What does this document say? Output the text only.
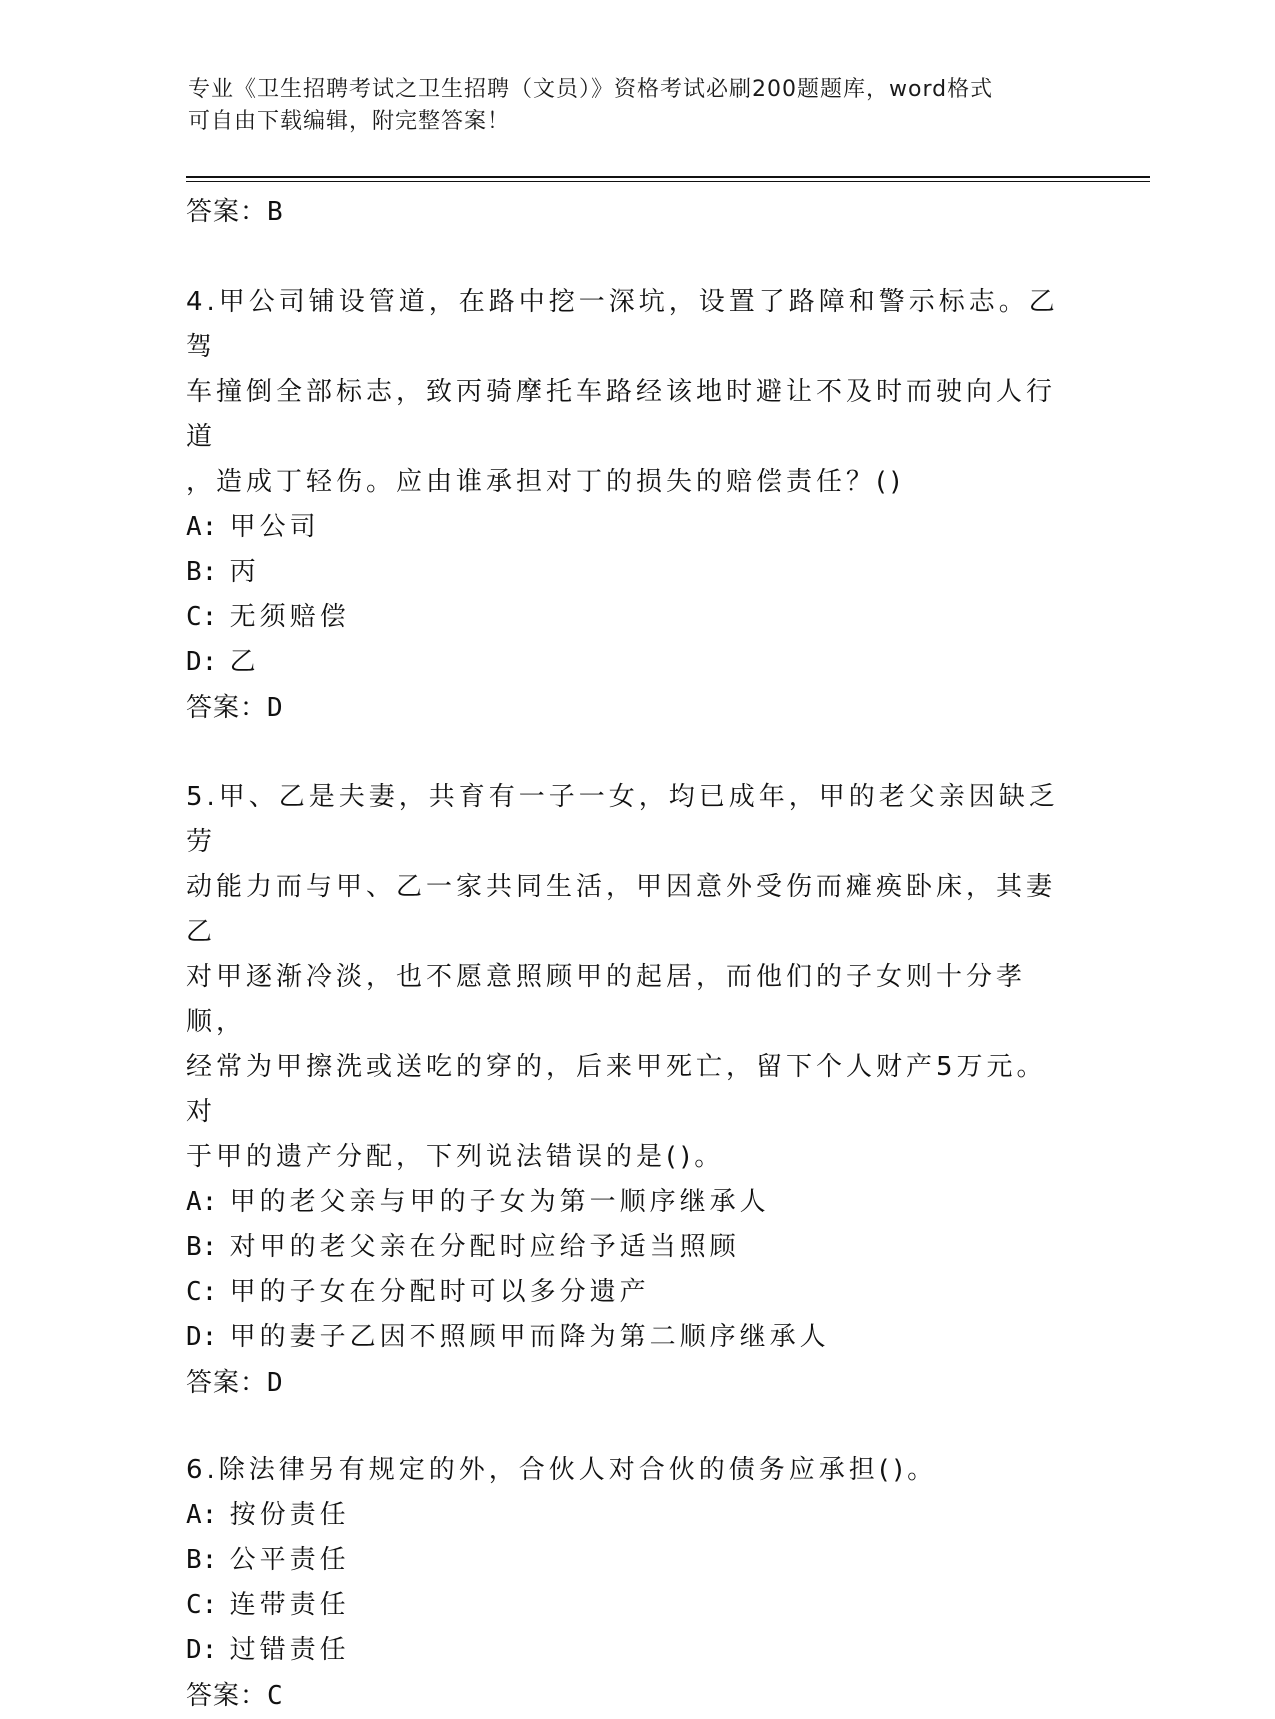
专业《卫生招聘考试之卫生招聘（文员）》资格考试必刷200题题库，word格式
可自由下载编辑，附完整答案！

答案：B

4.甲公司铺设管道，在路中挖一深坑，设置了路障和警示标志。乙驾

车撞倒全部标志，致丙骑摩托车路经该地时避让不及时而驶向人行道

，造成丁轻伤。应由谁承担对丁的损失的赔偿责任？()

A: 甲公司

B: 丙

C: 无须赔偿

D: 乙

答案：D

5.甲、乙是夫妻，共育有一子一女，均已成年，甲的老父亲因缺乏劳

动能力而与甲、乙一家共同生活，甲因意外受伤而瘫痪卧床，其妻乙

对甲逐渐冷淡，也不愿意照顾甲的起居，而他们的子女则十分孝顺，

经常为甲擦洗或送吃的穿的，后来甲死亡，留下个人财产5万元。对

于甲的遗产分配，下列说法错误的是()。

A: 甲的老父亲与甲的子女为第一顺序继承人

B: 对甲的老父亲在分配时应给予适当照顾

C: 甲的子女在分配时可以多分遗产

D: 甲的妻子乙因不照顾甲而降为第二顺序继承人

答案：D

6.除法律另有规定的外，合伙人对合伙的债务应承担()。

A: 按份责任

B: 公平责任

C: 连带责任

D: 过错责任

答案：C
